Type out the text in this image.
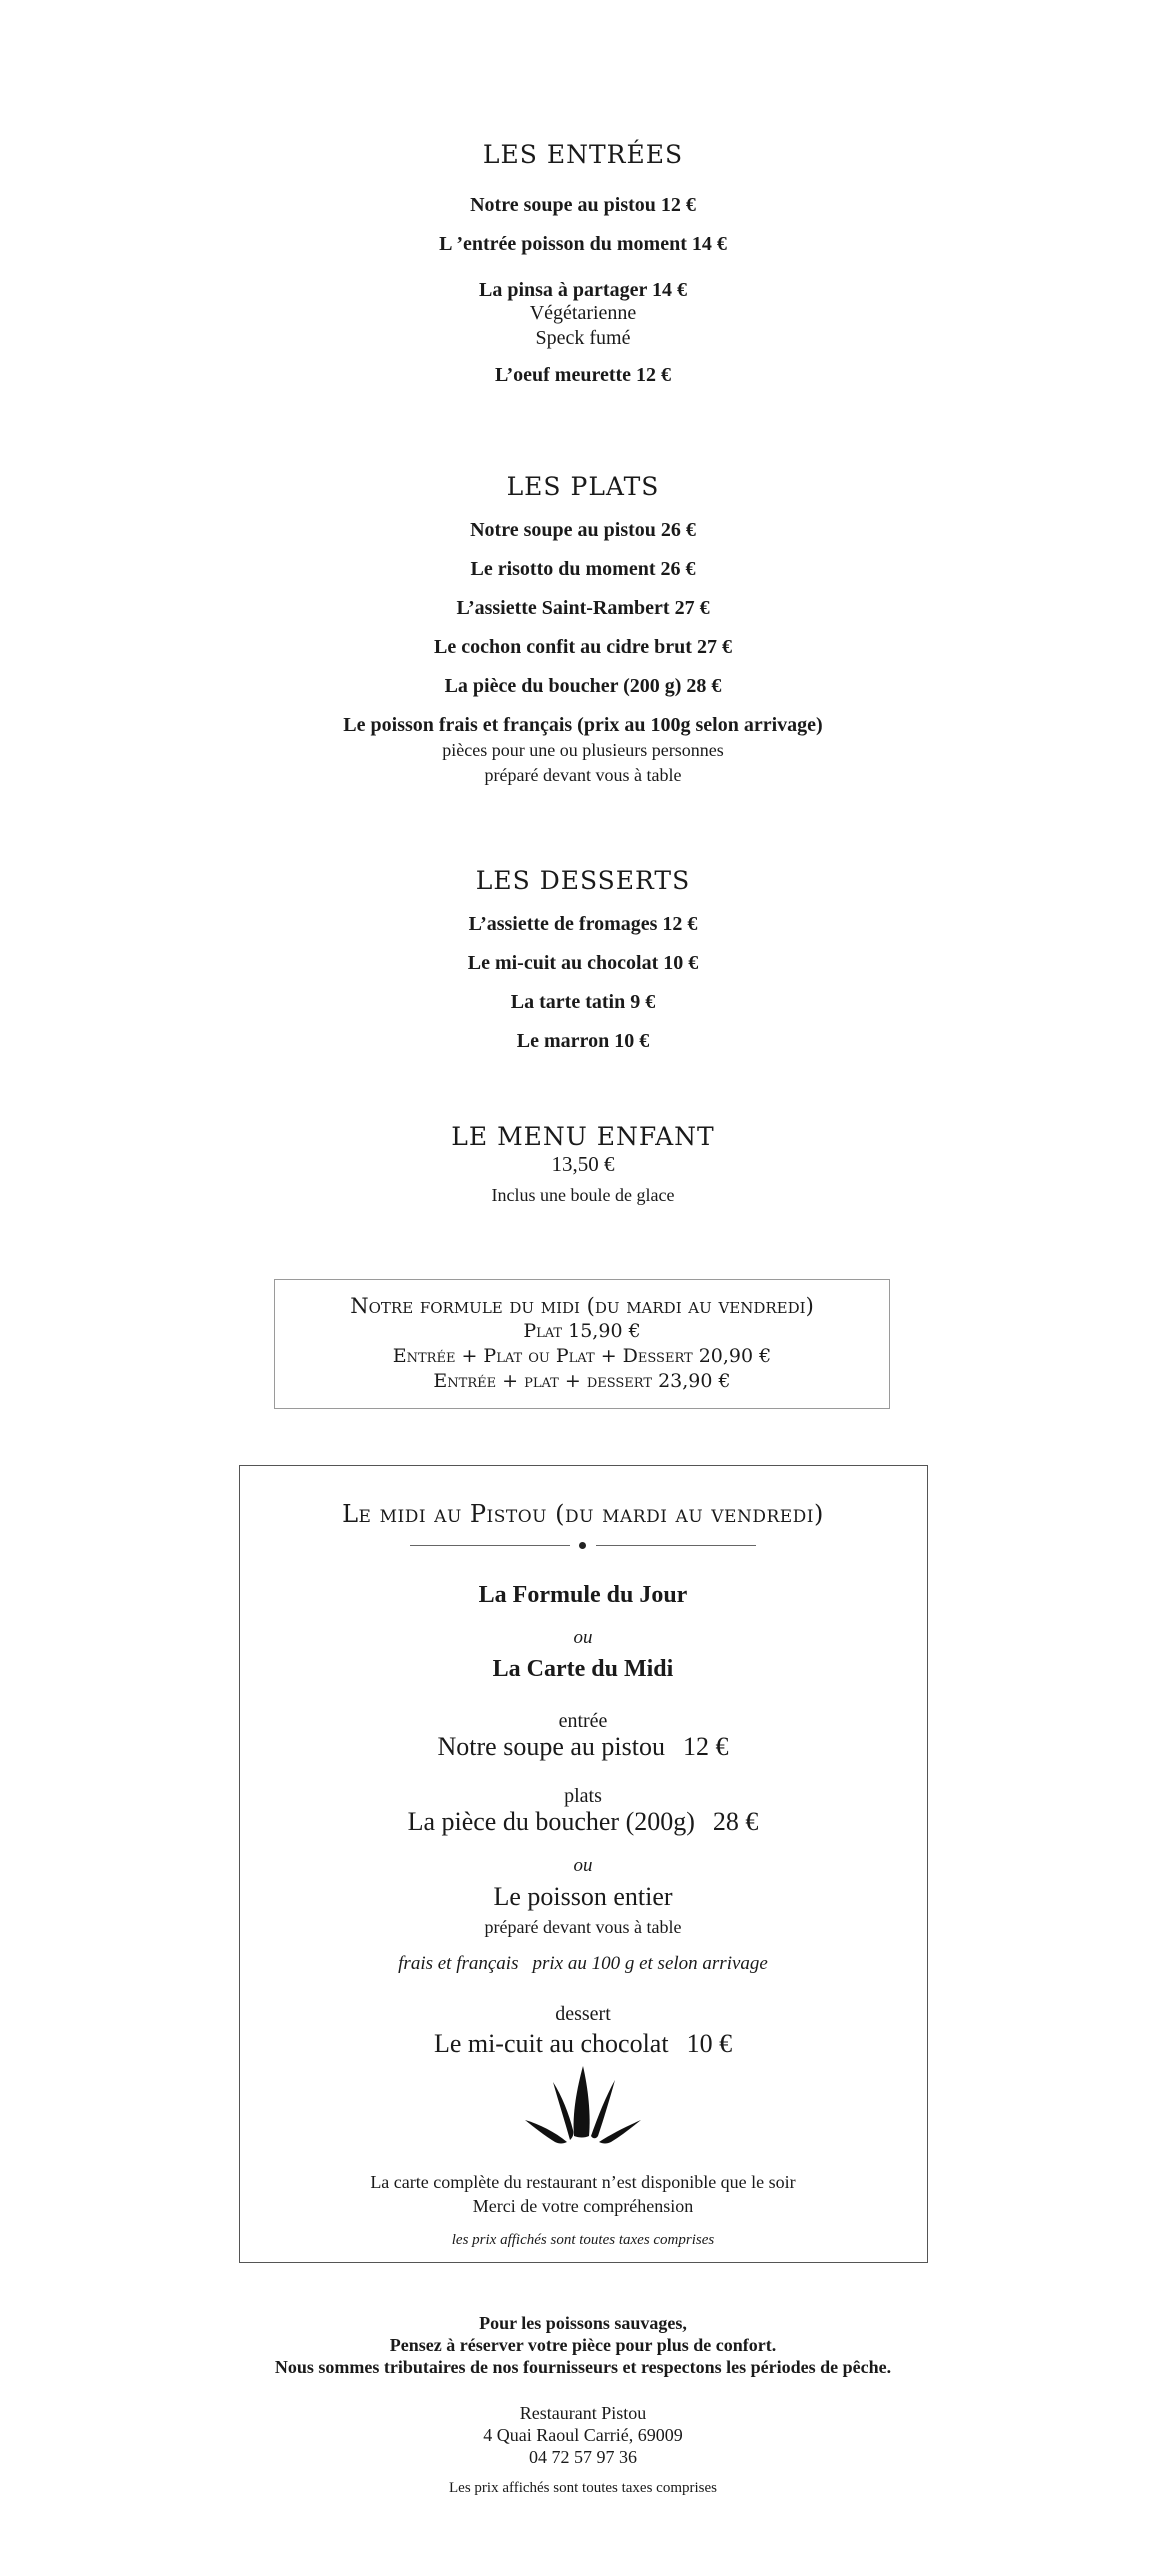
LES ENTRÉES

Notre soupe au pistou 12 €

L ’entrée poisson du moment 14 €

La pinsa à partager 14 €

Végétarienne

Speck fumé

L’oeuf meurette 12 €

LES PLATS

Notre soupe au pistou 26 €

Le risotto du moment 26 €

L’assiette Saint-Rambert 27 €

Le cochon confit au cidre brut 27 €

La pièce du boucher (200 g) 28 €

Le poisson frais et français (prix au 100g selon arrivage)

pièces pour une ou plusieurs personnes

préparé devant vous à table

LES DESSERTS

L’assiette de fromages 12 €

Le mi-cuit au chocolat 10 €

La tarte tatin 9 €

Le marron 10 €

LE MENU ENFANT

13,50 €

Inclus une boule de glace

Notre formule du midi (du mardi au vendredi)
Plat 15,90 €
Entrée + Plat ou Plat + Dessert 20,90 €
Entrée + plat + dessert 23,90 €
Le midi au Pistou (du mardi au vendredi)
La Formule du Jour
ou
La Carte du Midi
entrée
Notre soupe au pistou 12 €
plats
La pièce du boucher (200g) 28 €
ou
Le poisson entier
préparé devant vous à table
frais et français prix au 100 g et selon arrivage
dessert
Le mi-cuit au chocolat 10 €
La carte complète du restaurant n’est disponible que le soir
Merci de votre compréhension
les prix affichés sont toutes taxes comprises
Pour les poissons sauvages,
Pensez à réserver votre pièce pour plus de confort.
Nous sommes tributaires de nos fournisseurs et respectons les périodes de pêche.
Restaurant Pistou
4 Quai Raoul Carrié, 69009
04 72 57 97 36
Les prix affichés sont toutes taxes comprises
